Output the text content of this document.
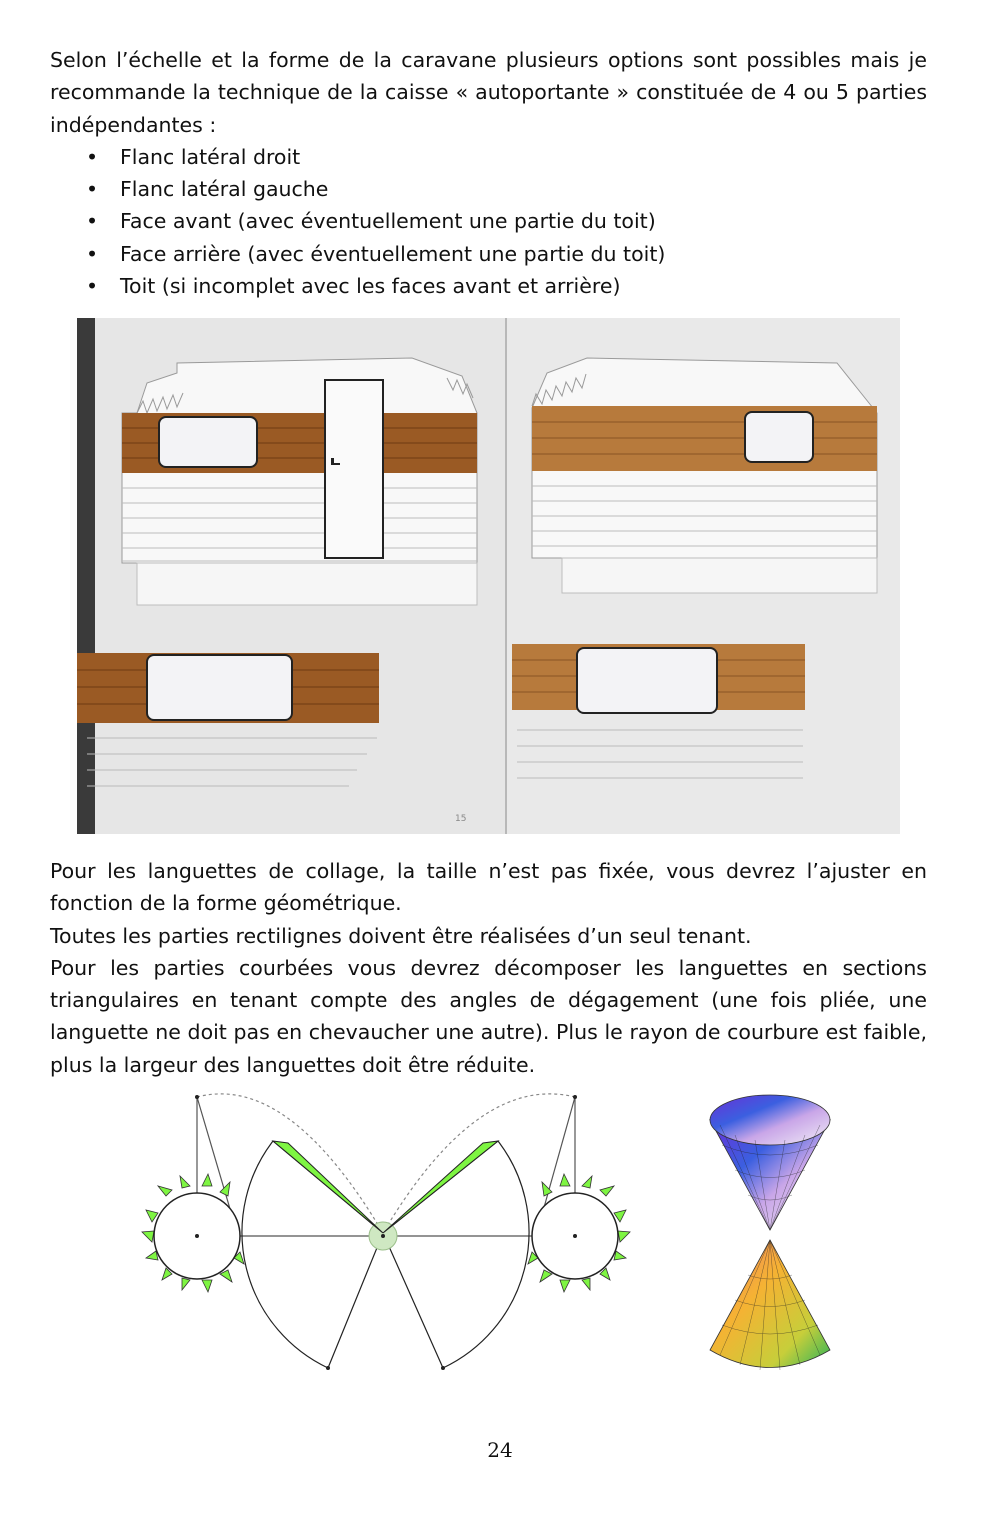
Selon l’échelle et la forme de la caravane plusieurs options sont possibles mais je recommande la technique de la caisse « autoportante » constituée de 4 ou 5 parties indépendantes :

• Flanc latéral droit
• Flanc latéral gauche
• Face avant (avec éventuellement une partie du toit)
• Face arrière (avec éventuellement une partie du toit)
• Toit (si incomplet avec les faces avant et arrière)
15

Pour les languettes de collage, la taille n’est pas fixée, vous devrez l’ajuster en fonction de la forme géométrique.

Toutes les parties rectilignes doivent être réalisées d’un seul tenant.

Pour les parties courbées vous devrez décomposer les languettes en sections triangulaires en tenant compte des angles de dégagement (une fois pliée, une languette ne doit pas en chevaucher une autre). Plus le rayon de courbure est faible, plus la largeur des languettes doit être réduite.

24
